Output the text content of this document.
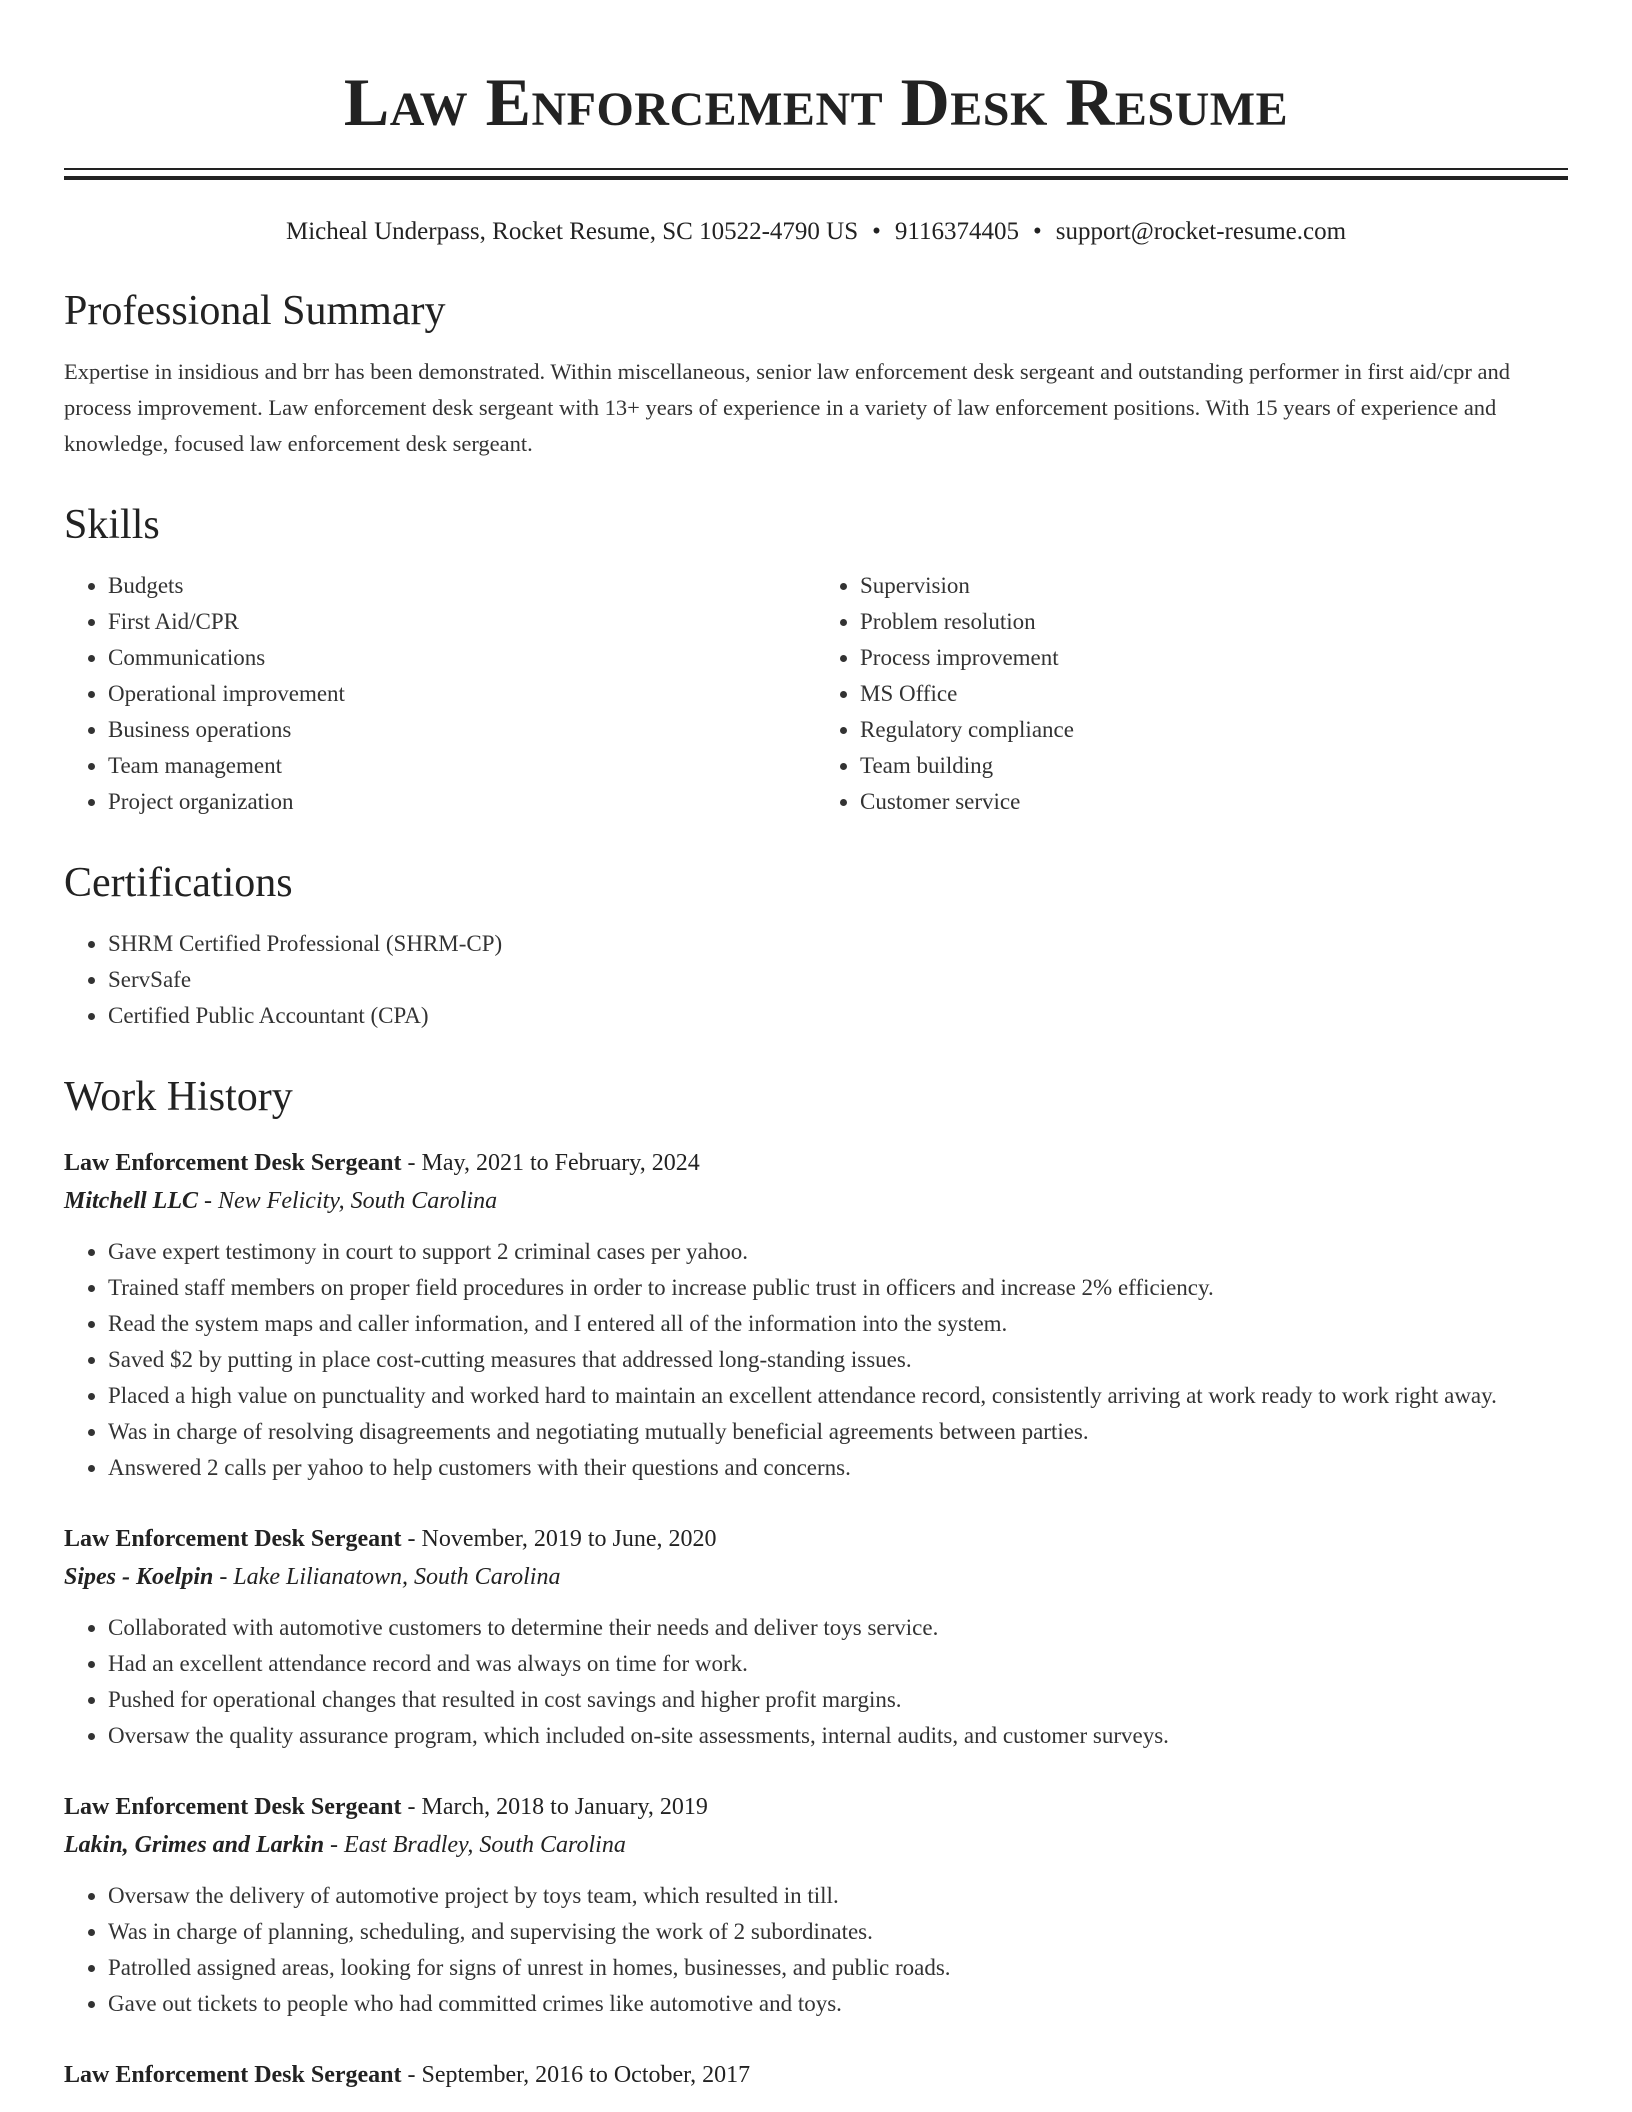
Law Enforcement Desk Resume
Micheal Underpass, Rocket Resume, SC 10522-4790 US • 9116374405 • support@rocket-resume.com
Professional Summary
Expertise in insidious and brr has been demonstrated. Within miscellaneous, senior law enforcement desk sergeant and outstanding performer in first aid/cpr and process improvement. Law enforcement desk sergeant with 13+ years of experience in a variety of law enforcement positions. With 15 years of experience and knowledge, focused law enforcement desk sergeant.
Skills
• Budgets
• First Aid/CPR
• Communications
• Operational improvement
• Business operations
• Team management
• Project organization
• Supervision
• Problem resolution
• Process improvement
• MS Office
• Regulatory compliance
• Team building
• Customer service
Certifications
• SHRM Certified Professional (SHRM-CP)
• ServSafe
• Certified Public Accountant (CPA)
Work History
Law Enforcement Desk Sergeant - May, 2021 to February, 2024
Mitchell LLC - New Felicity, South Carolina
• Gave expert testimony in court to support 2 criminal cases per yahoo.
• Trained staff members on proper field procedures in order to increase public trust in officers and increase 2% efficiency.
• Read the system maps and caller information, and I entered all of the information into the system.
• Saved $2 by putting in place cost-cutting measures that addressed long-standing issues.
• Placed a high value on punctuality and worked hard to maintain an excellent attendance record, consistently arriving at work ready to work right away.
• Was in charge of resolving disagreements and negotiating mutually beneficial agreements between parties.
• Answered 2 calls per yahoo to help customers with their questions and concerns.
Law Enforcement Desk Sergeant - November, 2019 to June, 2020
Sipes - Koelpin - Lake Lilianatown, South Carolina
• Collaborated with automotive customers to determine their needs and deliver toys service.
• Had an excellent attendance record and was always on time for work.
• Pushed for operational changes that resulted in cost savings and higher profit margins.
• Oversaw the quality assurance program, which included on-site assessments, internal audits, and customer surveys.
Law Enforcement Desk Sergeant - March, 2018 to January, 2019
Lakin, Grimes and Larkin - East Bradley, South Carolina
• Oversaw the delivery of automotive project by toys team, which resulted in till.
• Was in charge of planning, scheduling, and supervising the work of 2 subordinates.
• Patrolled assigned areas, looking for signs of unrest in homes, businesses, and public roads.
• Gave out tickets to people who had committed crimes like automotive and toys.
Law Enforcement Desk Sergeant - September, 2016 to October, 2017
